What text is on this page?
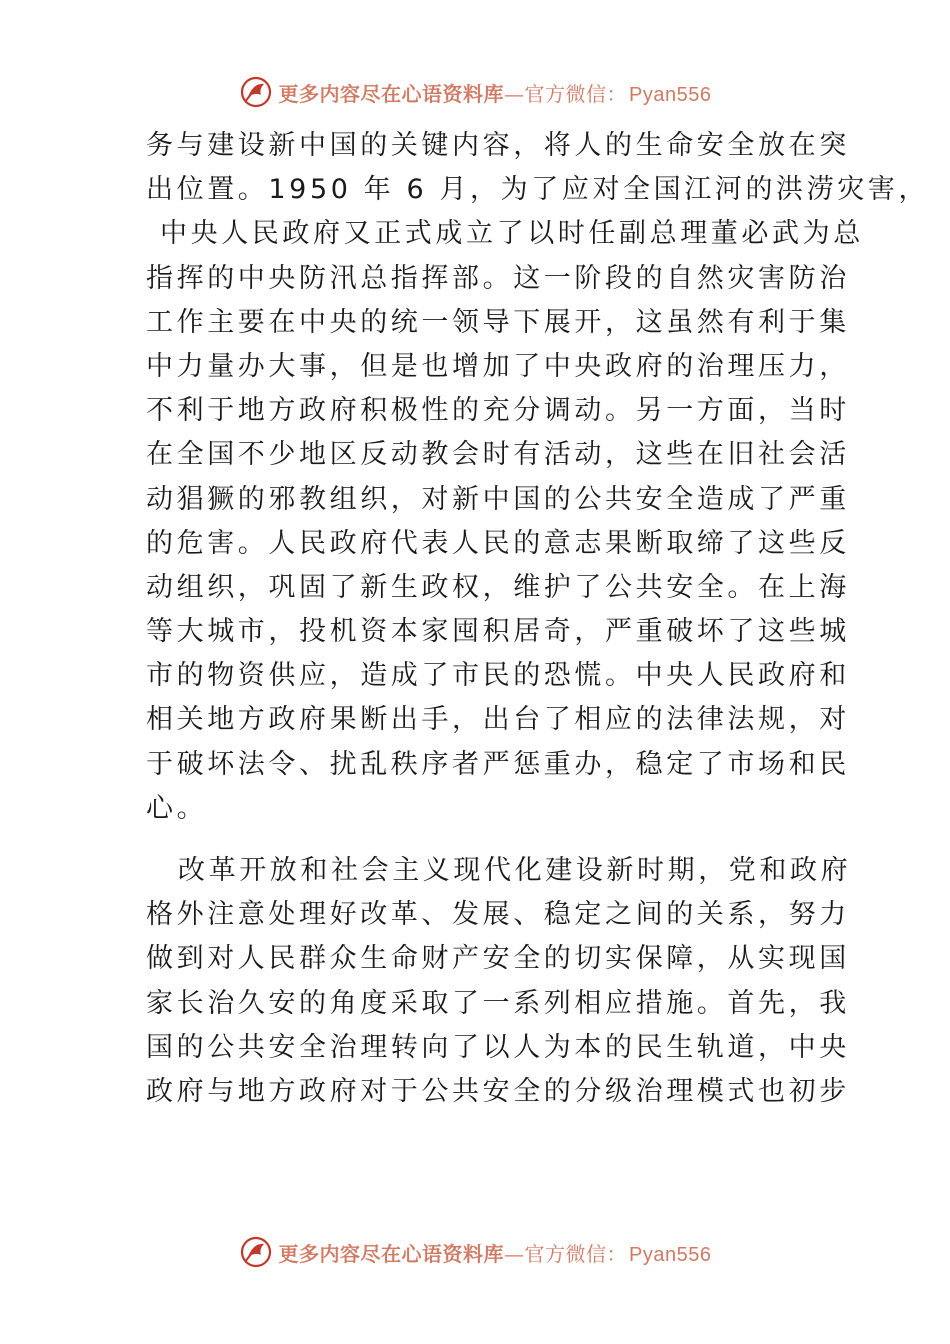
更多内容尽在心语资料库—官方微信： Pyan556
务与建设新中国的关键内容，将人的生命安全放在突
出位置。1950 年 6 月，为了应对全国江河的洪涝灾害，
中央人民政府又正式成立了以时任副总理董必武为总
指挥的中央防汛总指挥部。这一阶段的自然灾害防治
工作主要在中央的统一领导下展开，这虽然有利于集
中力量办大事，但是也增加了中央政府的治理压力，
不利于地方政府积极性的充分调动。另一方面，当时
在全国不少地区反动教会时有活动，这些在旧社会活
动猖獗的邪教组织，对新中国的公共安全造成了严重
的危害。人民政府代表人民的意志果断取缔了这些反
动组织，巩固了新生政权，维护了公共安全。在上海
等大城市，投机资本家囤积居奇，严重破坏了这些城
市的物资供应，造成了市民的恐慌。中央人民政府和
相关地方政府果断出手，出台了相应的法律法规，对
于破坏法令、扰乱秩序者严惩重办，稳定了市场和民
心。
改革开放和社会主义现代化建设新时期，党和政府
格外注意处理好改革、发展、稳定之间的关系，努力
做到对人民群众生命财产安全的切实保障，从实现国
家长治久安的角度采取了一系列相应措施。首先，我
国的公共安全治理转向了以人为本的民生轨道，中央
政府与地方政府对于公共安全的分级治理模式也初步
更多内容尽在心语资料库—官方微信： Pyan556
